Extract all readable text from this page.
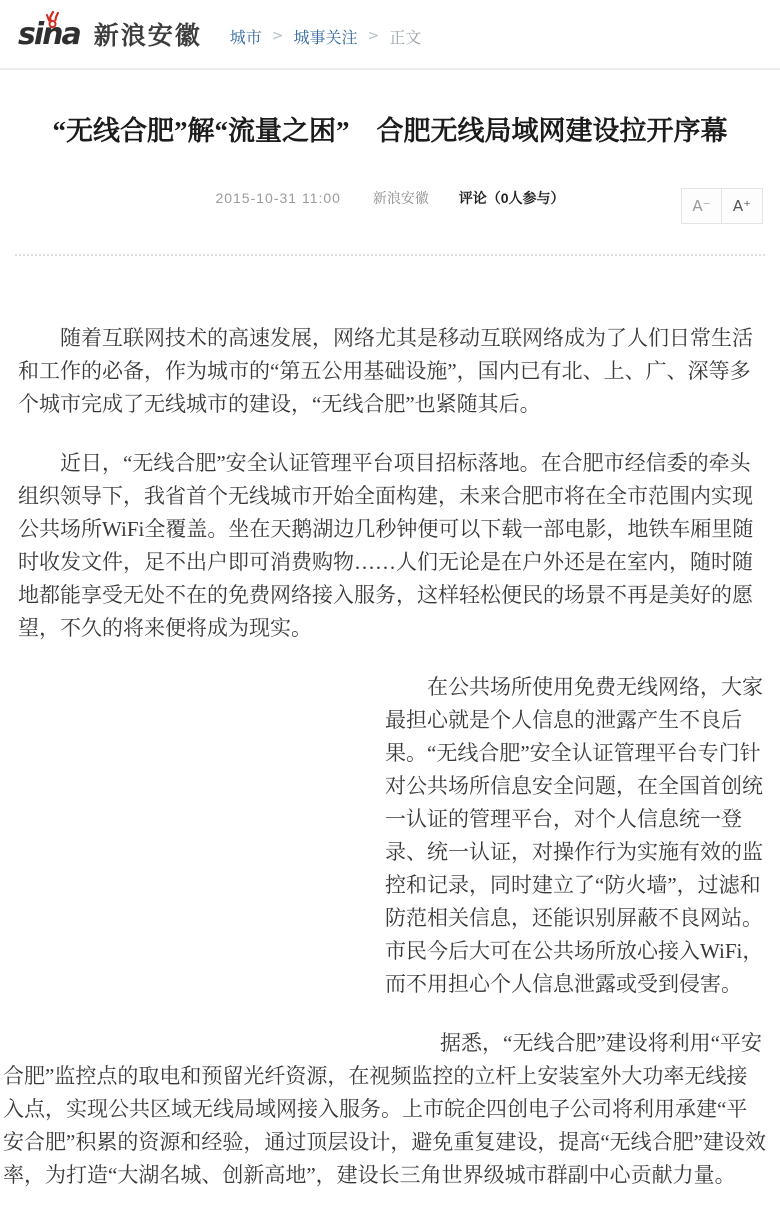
sina 新浪安徽 城市 > 城事关注 > 正文
“无线合肥”解“流量之困”　合肥无线局域网建设拉开序幕
2015-10-31 11:00 新浪安徽 评论（0人参与）	A⁻	A⁺

随着互联网技术的高速发展，网络尤其是移动互联网络成为了人们日常生活和工作的必备，作为城市的“第五公用基础设施”，国内已有北、上、广、深等多个城市完成了无线城市的建设，“无线合肥”也紧随其后。

近日，“无线合肥”安全认证管理平台项目招标落地。在合肥市经信委的牵头组织领导下，我省首个无线城市开始全面构建，未来合肥市将在全市范围内实现公共场所WiFi全覆盖。坐在天鹅湖边几秒钟便可以下载一部电影，地铁车厢里随时收发文件，足不出户即可消费购物……人们无论是在户外还是在室内，随时随地都能享受无处不在的免费网络接入服务，这样轻松便民的场景不再是美好的愿望，不久的将来便将成为现实。

在公共场所使用免费无线网络，大家最担心就是个人信息的泄露产生不良后果。“无线合肥”安全认证管理平台专门针对公共场所信息安全问题，在全国首创统一认证的管理平台，对个人信息统一登录、统一认证，对操作行为实施有效的监控和记录，同时建立了“防火墙”，过滤和防范相关信息，还能识别屏蔽不良网站。市民今后大可在公共场所放心接入WiFi，而不用担心个人信息泄露或受到侵害。

据悉，“无线合肥”建设将利用“平安合肥”监控点的取电和预留光纤资源，在视频监控的立杆上安装室外大功率无线接入点，实现公共区域无线局域网接入服务。上市皖企四创电子公司将利用承建“平安合肥”积累的资源和经验，通过顶层设计，避免重复建设，提高“无线合肥”建设效率，为打造“大湖名城、创新高地”，建设长三角世界级城市群副中心贡献力量。
